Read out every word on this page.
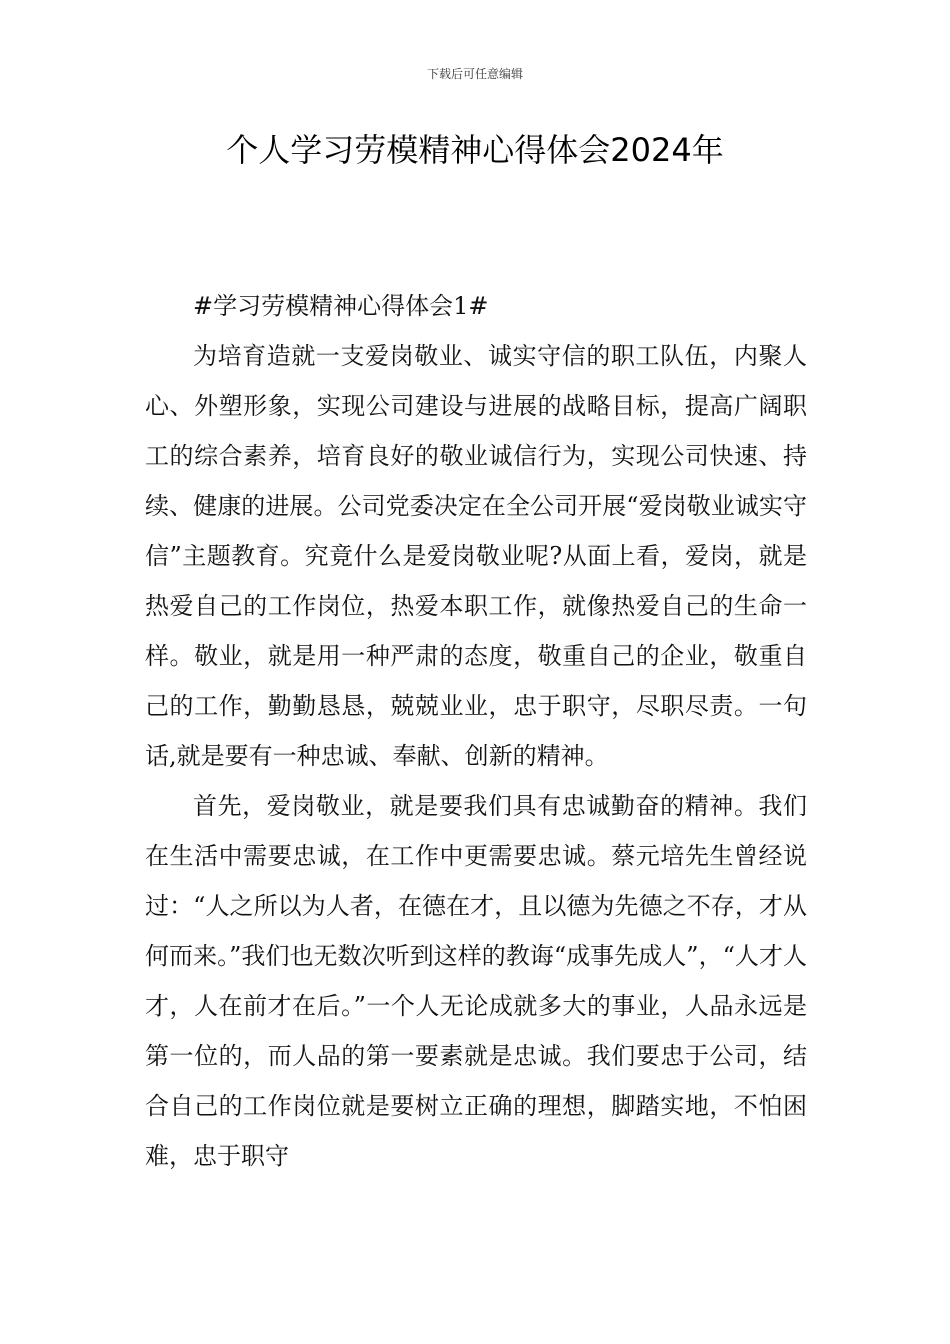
下载后可任意编辑
个人学习劳模精神心得体会2024年

#学习劳模精神心得体会1#

为培育造就一支爱岗敬业、诚实守信的职工队伍，内聚人心、外塑形象，实现公司建设与进展的战略目标，提高广阔职工的综合素养，培育良好的敬业诚信行为，实现公司快速、持续、健康的进展。公司党委决定在全公司开展“爱岗敬业诚实守信”主题教育。究竟什么是爱岗敬业呢?从面上看，爱岗，就是热爱自己的工作岗位，热爱本职工作，就像热爱自己的生命一样。敬业，就是用一种严肃的态度，敬重自己的企业，敬重自己的工作，勤勤恳恳，兢兢业业，忠于职守，尽职尽责。一句话,就是要有一种忠诚、奉献、创新的精神。

首先，爱岗敬业，就是要我们具有忠诚勤奋的精神。我们在生活中需要忠诚，在工作中更需要忠诚。蔡元培先生曾经说过：“人之所以为人者，在德在才，且以德为先德之不存，才从何而来。”我们也无数次听到这样的教诲“成事先成人”，“人才人才，人在前才在后。”一个人无论成就多大的事业，人品永远是第一位的，而人品的第一要素就是忠诚。我们要忠于公司，结合自己的工作岗位就是要树立正确的理想，脚踏实地，不怕困难，忠于职守
